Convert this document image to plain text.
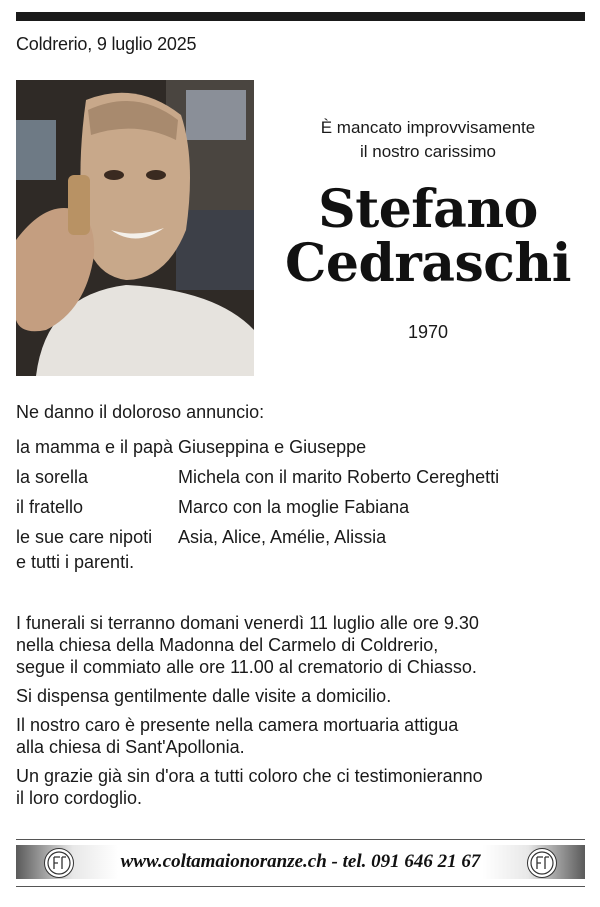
Coldrerio, 9 luglio 2025
È mancato improvvisamente
il nostro carissimo
Stefano
Cedraschi
1970
Ne danno il doloroso annuncio:
la mamma e il papà	Giuseppina e Giuseppe
la sorella	Michela con il marito Roberto Cereghetti
il fratello	Marco con la moglie Fabiana
le sue care nipoti	Asia, Alice, Amélie, Alissia
e tutti i parenti.

I funerali si terranno domani venerdì 11 luglio alle ore 9.30
nella chiesa della Madonna del Carmelo di Coldrerio,
segue il commiato alle ore 11.00 al crematorio di Chiasso.

Si dispensa gentilmente dalle visite a domicilio.

Il nostro caro è presente nella camera mortuaria attigua
alla chiesa di Sant'Apollonia.

Un grazie già sin d'ora a tutti coloro che ci testimonieranno
il loro cordoglio.

www.coltamaionoranze.ch - tel. 091 646 21 67
